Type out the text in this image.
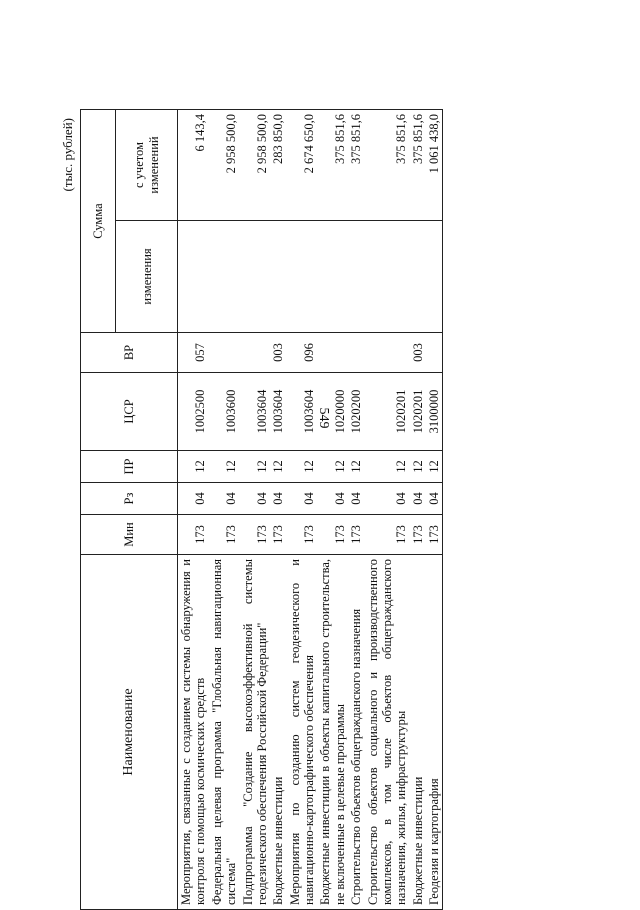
549
(тыс. рублей)
Наименование	Мин	Рз	ПР	ЦСР	ВР	Сумма	
						изменения	с учетом изменений
Мероприятия, связанные с созданием системы обнаружения и контроля с помощью космических средств	173	04	12	1002500	057		6 143,4
Федеральная целевая программа "Глобальная навигационная система"	173	04	12	1003600			2 958 500,0
Подпрограмма "Создание высокоэффективной системы геодезического обеспечения Российской Федерации"	173	04	12	1003604			2 958 500,0
Бюджетные инвестиции	173	04	12	1003604	003		283 850,0
Мероприятия по созданию систем геодезического и навигационно-картографического обеспечения	173	04	12	1003604	096		2 674 650,0
Бюджетные инвестиции в объекты капитального строительства, не включенные в целевые программы	173	04	12	1020000			375 851,6
Строительство объектов общегражданского назначения	173	04	12	1020200			375 851,6
Строительство объектов социального и производственного комплексов, в том числе объектов общегражданского назначения, жилья, инфраструктуры	173	04	12	1020201			375 851,6
Бюджетные инвестиции	173	04	12	1020201	003		375 851,6
Геодезия и картография	173	04	12	3100000			1 061 438,0
